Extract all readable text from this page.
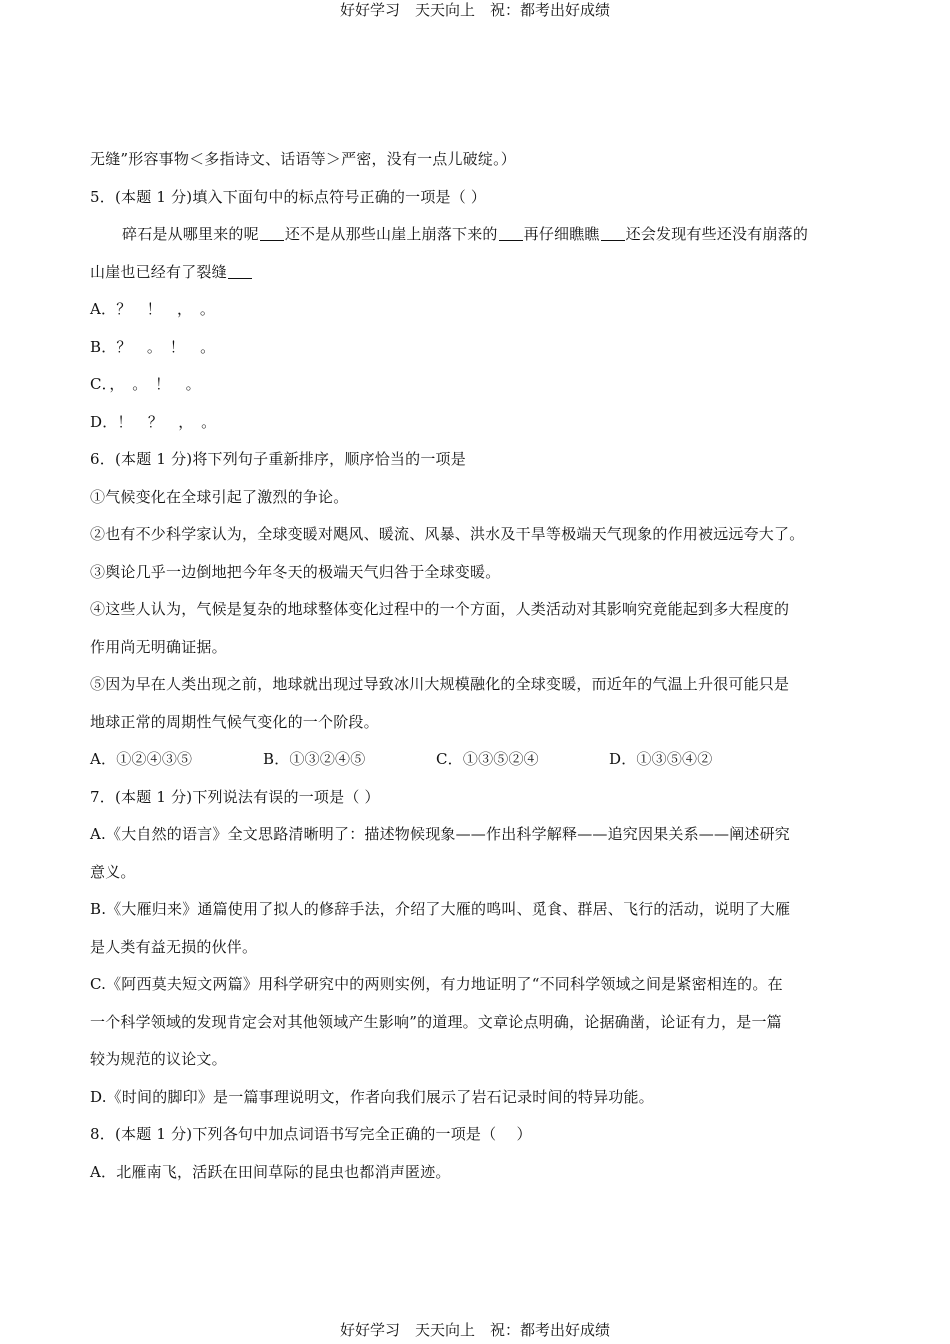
好好学习　天天向上　祝：都考出好成绩
无缝”形容事物＜多指诗文、话语等＞严密，没有一点儿破绽。）
5．(本题 1 分)填入下面句中的标点符号正确的一项是（ ）
碎石是从哪里来的呢 还不是从那些山崖上崩落下来的 再仔细瞧瞧 还会发现有些还没有崩落的
山崖也已经有了裂缝
A．？　！　，　。
B．？　。　！　。
C．，　。　！　。
D．！　？　，　。
6．(本题 1 分)将下列句子重新排序，顺序恰当的一项是
①气候变化在全球引起了激烈的争论。
②也有不少科学家认为，全球变暖对飓风、暖流、风暴、洪水及干旱等极端天气现象的作用被远远夸大了。
③舆论几乎一边倒地把今年冬天的极端天气归咎于全球变暖。
④这些人认为，气候是复杂的地球整体变化过程中的一个方面，人类活动对其影响究竟能起到多大程度的
作用尚无明确证据。
⑤因为早在人类出现之前，地球就出现过导致冰川大规模融化的全球变暖，而近年的气温上升很可能只是
地球正常的周期性气候气变化的一个阶段。
A．①②④③⑤	B．①③②④⑤	C．①③⑤②④	D．①③⑤④②
7．(本题 1 分)下列说法有误的一项是（ ）
A.《大自然的语言》全文思路清晰明了：描述物候现象——作出科学解释——追究因果关系——阐述研究
意义。
B.《大雁归来》通篇使用了拟人的修辞手法，介绍了大雁的鸣叫、觅食、群居、飞行的活动，说明了大雁
是人类有益无损的伙伴。
C.《阿西莫夫短文两篇》用科学研究中的两则实例，有力地证明了“不同科学领域之间是紧密相连的。在
一个科学领域的发现肯定会对其他领域产生影响”的道理。文章论点明确，论据确凿，论证有力，是一篇
较为规范的议论文。
D.《时间的脚印》是一篇事理说明文，作者向我们展示了岩石记录时间的特异功能。
8．(本题 1 分)下列各句中加点词语书写完全正确的一项是（　 ）
A．北雁南飞，活跃在田间草际的昆虫也都消声匿迹。
好好学习　天天向上　祝：都考出好成绩
